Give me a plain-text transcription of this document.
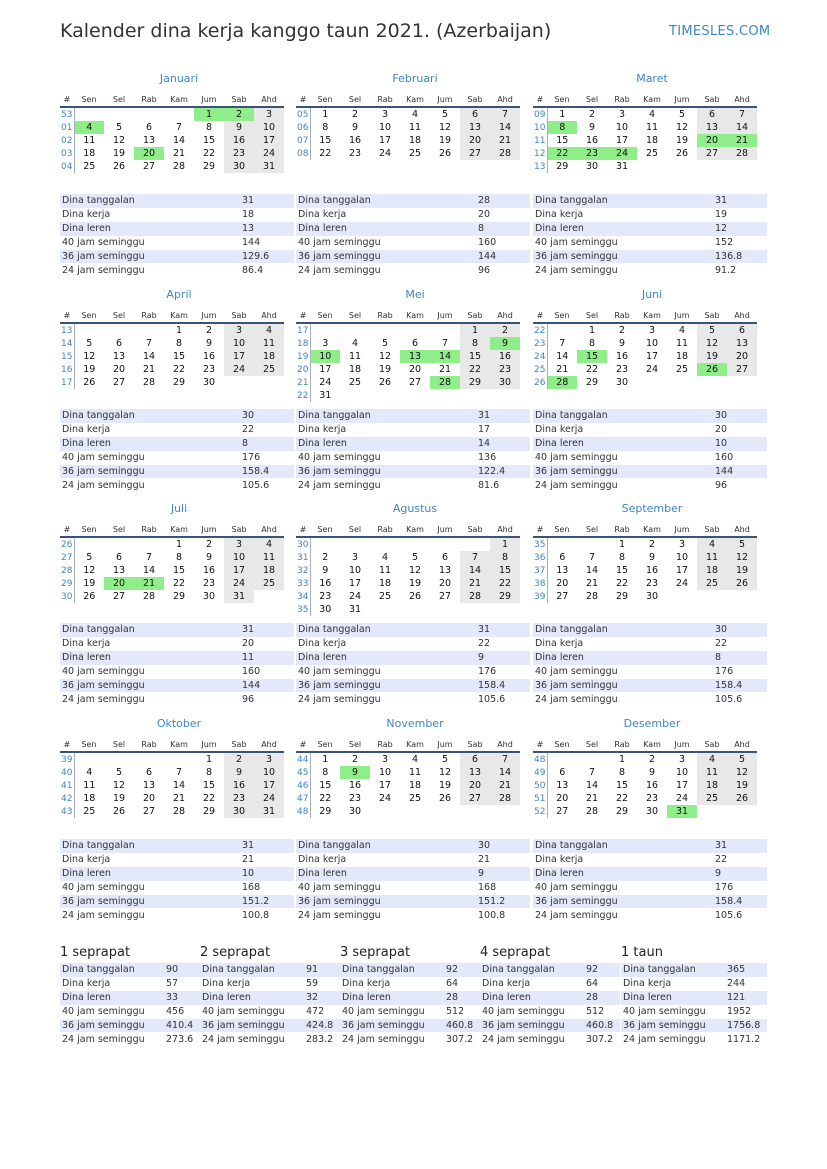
Kalender dina kerja kanggo taun 2021. (Azerbaijan)	TIMESLES.COM
Januari
#	Sen	Sel	Rab	Kam	Jum	Sab	Ahd
53					1	2	3
01	4	5	6	7	8	9	10
02	11	12	13	14	15	16	17
03	18	19	20	21	22	23	24
04	25	26	27	28	29	30	31
Dina tanggalan	31
Dina kerja	18
Dina leren	13
40 jam seminggu	144
36 jam seminggu	129.6
24 jam seminggu	86.4
Februari
#	Sen	Sel	Rab	Kam	Jum	Sab	Ahd
05	1	2	3	4	5	6	7
06	8	9	10	11	12	13	14
07	15	16	17	18	19	20	21
08	22	23	24	25	26	27	28
Dina tanggalan	28
Dina kerja	20
Dina leren	8
40 jam seminggu	160
36 jam seminggu	144
24 jam seminggu	96
Maret
#	Sen	Sel	Rab	Kam	Jum	Sab	Ahd
09	1	2	3	4	5	6	7
10	8	9	10	11	12	13	14
11	15	16	17	18	19	20	21
12	22	23	24	25	26	27	28
13	29	30	31				
Dina tanggalan	31
Dina kerja	19
Dina leren	12
40 jam seminggu	152
36 jam seminggu	136.8
24 jam seminggu	91.2
April
#	Sen	Sel	Rab	Kam	Jum	Sab	Ahd
13				1	2	3	4
14	5	6	7	8	9	10	11
15	12	13	14	15	16	17	18
16	19	20	21	22	23	24	25
17	26	27	28	29	30		
Dina tanggalan	30
Dina kerja	22
Dina leren	8
40 jam seminggu	176
36 jam seminggu	158.4
24 jam seminggu	105.6
Mei
#	Sen	Sel	Rab	Kam	Jum	Sab	Ahd
17						1	2
18	3	4	5	6	7	8	9
19	10	11	12	13	14	15	16
20	17	18	19	20	21	22	23
21	24	25	26	27	28	29	30
22	31						
Dina tanggalan	31
Dina kerja	17
Dina leren	14
40 jam seminggu	136
36 jam seminggu	122.4
24 jam seminggu	81.6
Juni
#	Sen	Sel	Rab	Kam	Jum	Sab	Ahd
22		1	2	3	4	5	6
23	7	8	9	10	11	12	13
24	14	15	16	17	18	19	20
25	21	22	23	24	25	26	27
26	28	29	30				
Dina tanggalan	30
Dina kerja	20
Dina leren	10
40 jam seminggu	160
36 jam seminggu	144
24 jam seminggu	96
Juli
#	Sen	Sel	Rab	Kam	Jum	Sab	Ahd
26				1	2	3	4
27	5	6	7	8	9	10	11
28	12	13	14	15	16	17	18
29	19	20	21	22	23	24	25
30	26	27	28	29	30	31	
Dina tanggalan	31
Dina kerja	20
Dina leren	11
40 jam seminggu	160
36 jam seminggu	144
24 jam seminggu	96
Agustus
#	Sen	Sel	Rab	Kam	Jum	Sab	Ahd
30							1
31	2	3	4	5	6	7	8
32	9	10	11	12	13	14	15
33	16	17	18	19	20	21	22
34	23	24	25	26	27	28	29
35	30	31					
Dina tanggalan	31
Dina kerja	22
Dina leren	9
40 jam seminggu	176
36 jam seminggu	158.4
24 jam seminggu	105.6
September
#	Sen	Sel	Rab	Kam	Jum	Sab	Ahd
35			1	2	3	4	5
36	6	7	8	9	10	11	12
37	13	14	15	16	17	18	19
38	20	21	22	23	24	25	26
39	27	28	29	30			
Dina tanggalan	30
Dina kerja	22
Dina leren	8
40 jam seminggu	176
36 jam seminggu	158.4
24 jam seminggu	105.6
Oktober
#	Sen	Sel	Rab	Kam	Jum	Sab	Ahd
39					1	2	3
40	4	5	6	7	8	9	10
41	11	12	13	14	15	16	17
42	18	19	20	21	22	23	24
43	25	26	27	28	29	30	31
Dina tanggalan	31
Dina kerja	21
Dina leren	10
40 jam seminggu	168
36 jam seminggu	151.2
24 jam seminggu	100.8
November
#	Sen	Sel	Rab	Kam	Jum	Sab	Ahd
44	1	2	3	4	5	6	7
45	8	9	10	11	12	13	14
46	15	16	17	18	19	20	21
47	22	23	24	25	26	27	28
48	29	30					
Dina tanggalan	30
Dina kerja	21
Dina leren	9
40 jam seminggu	168
36 jam seminggu	151.2
24 jam seminggu	100.8
Desember
#	Sen	Sel	Rab	Kam	Jum	Sab	Ahd
48			1	2	3	4	5
49	6	7	8	9	10	11	12
50	13	14	15	16	17	18	19
51	20	21	22	23	24	25	26
52	27	28	29	30	31		
Dina tanggalan	31
Dina kerja	22
Dina leren	9
40 jam seminggu	176
36 jam seminggu	158.4
24 jam seminggu	105.6
1 seprapat
Dina tanggalan	90
Dina kerja	57
Dina leren	33
40 jam seminggu	456
36 jam seminggu	410.4
24 jam seminggu	273.6
2 seprapat
Dina tanggalan	91
Dina kerja	59
Dina leren	32
40 jam seminggu	472
36 jam seminggu	424.8
24 jam seminggu	283.2
3 seprapat
Dina tanggalan	92
Dina kerja	64
Dina leren	28
40 jam seminggu	512
36 jam seminggu	460.8
24 jam seminggu	307.2
4 seprapat
Dina tanggalan	92
Dina kerja	64
Dina leren	28
40 jam seminggu	512
36 jam seminggu	460.8
24 jam seminggu	307.2
1 taun
Dina tanggalan	365
Dina kerja	244
Dina leren	121
40 jam seminggu	1952
36 jam seminggu	1756.8
24 jam seminggu	1171.2
